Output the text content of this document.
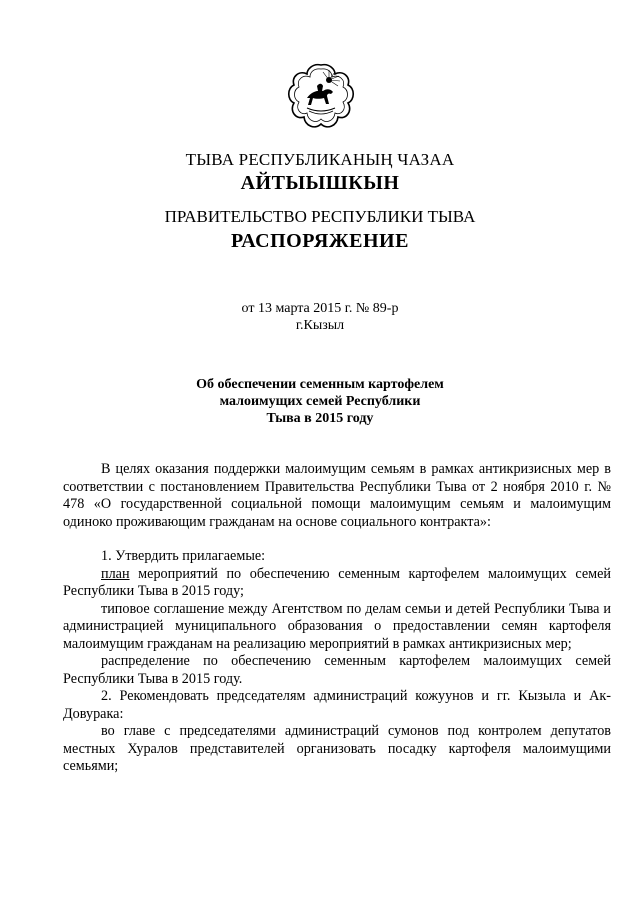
ТЫВА РЕСПУБЛИКАНЫҢ ЧАЗАА
АЙТЫЫШКЫН
ПРАВИТЕЛЬСТВО РЕСПУБЛИКИ ТЫВА
РАСПОРЯЖЕНИЕ
от 13 марта 2015 г. № 89-р
г.Кызыл
Об обеспечении семенным картофелем
малоимущих семей Республики
Тыва в 2015 году

В целях оказания поддержки малоимущим семьям в рамках антикризисных мер в соответствии с постановлением Правительства Республики Тыва от 2 ноября 2010 г. № 478 «О государственной социальной помощи малоимущим семьям и малоимущим одиноко проживающим гражданам на основе социального контракта»:

1. Утвердить прилагаемые:

план мероприятий по обеспечению семенным картофелем малоимущих семей Республики Тыва в 2015 году;

типовое соглашение между Агентством по делам семьи и детей Республики Тыва и администрацией муниципального образования о предоставлении семян картофеля малоимущим гражданам на реализацию мероприятий в рамках антикризисных мер;

распределение по обеспечению семенным картофелем малоимущих семей Республики Тыва в 2015 году.

2. Рекомендовать председателям администраций кожуунов и гг. Кызыла и Ак-Довурака:

во главе с председателями администраций сумонов под контролем депутатов местных Хуралов представителей организовать посадку картофеля малоимущими семьями;
